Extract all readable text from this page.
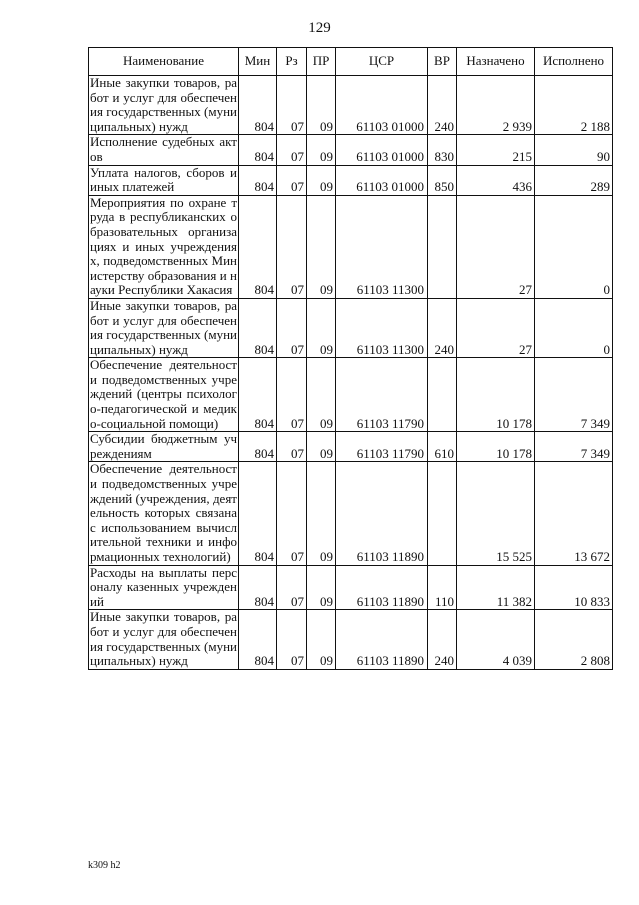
129
Наименование	Мин	Рз	ПР	ЦСР	ВР	Назначено	Исполнено
Иные закупки товаров, работ и услуг для обеспечения государственных (муниципальных) нужд	804	07	09	61103 01000	240	2 939	2 188
Исполнение судебных актов	804	07	09	61103 01000	830	215	90
Уплата налогов, сборов и иных платежей	804	07	09	61103 01000	850	436	289
Мероприятия по охране труда в республиканских образовательных организациях и иных учреждениях, подведомственных Министерству образования и науки Республики Хакасия	804	07	09	61103 11300		27	0
Иные закупки товаров, работ и услуг для обеспечения государственных (муниципальных) нужд	804	07	09	61103 11300	240	27	0
Обеспечение деятельности подведомственных учреждений (центры психолого-педагогической и медико-социальной помощи)	804	07	09	61103 11790		10 178	7 349
Субсидии бюджетным учреждениям	804	07	09	61103 11790	610	10 178	7 349
Обеспечение деятельности подведомственных учреждений (учреждения, деятельность которых связана с использованием вычислительной техники и информационных технологий)	804	07	09	61103 11890		15 525	13 672
Расходы на выплаты персоналу казенных учреждений	804	07	09	61103 11890	110	11 382	10 833
Иные закупки товаров, работ и услуг для обеспечения государственных (муниципальных) нужд	804	07	09	61103 11890	240	4 039	2 808
k309 h2
